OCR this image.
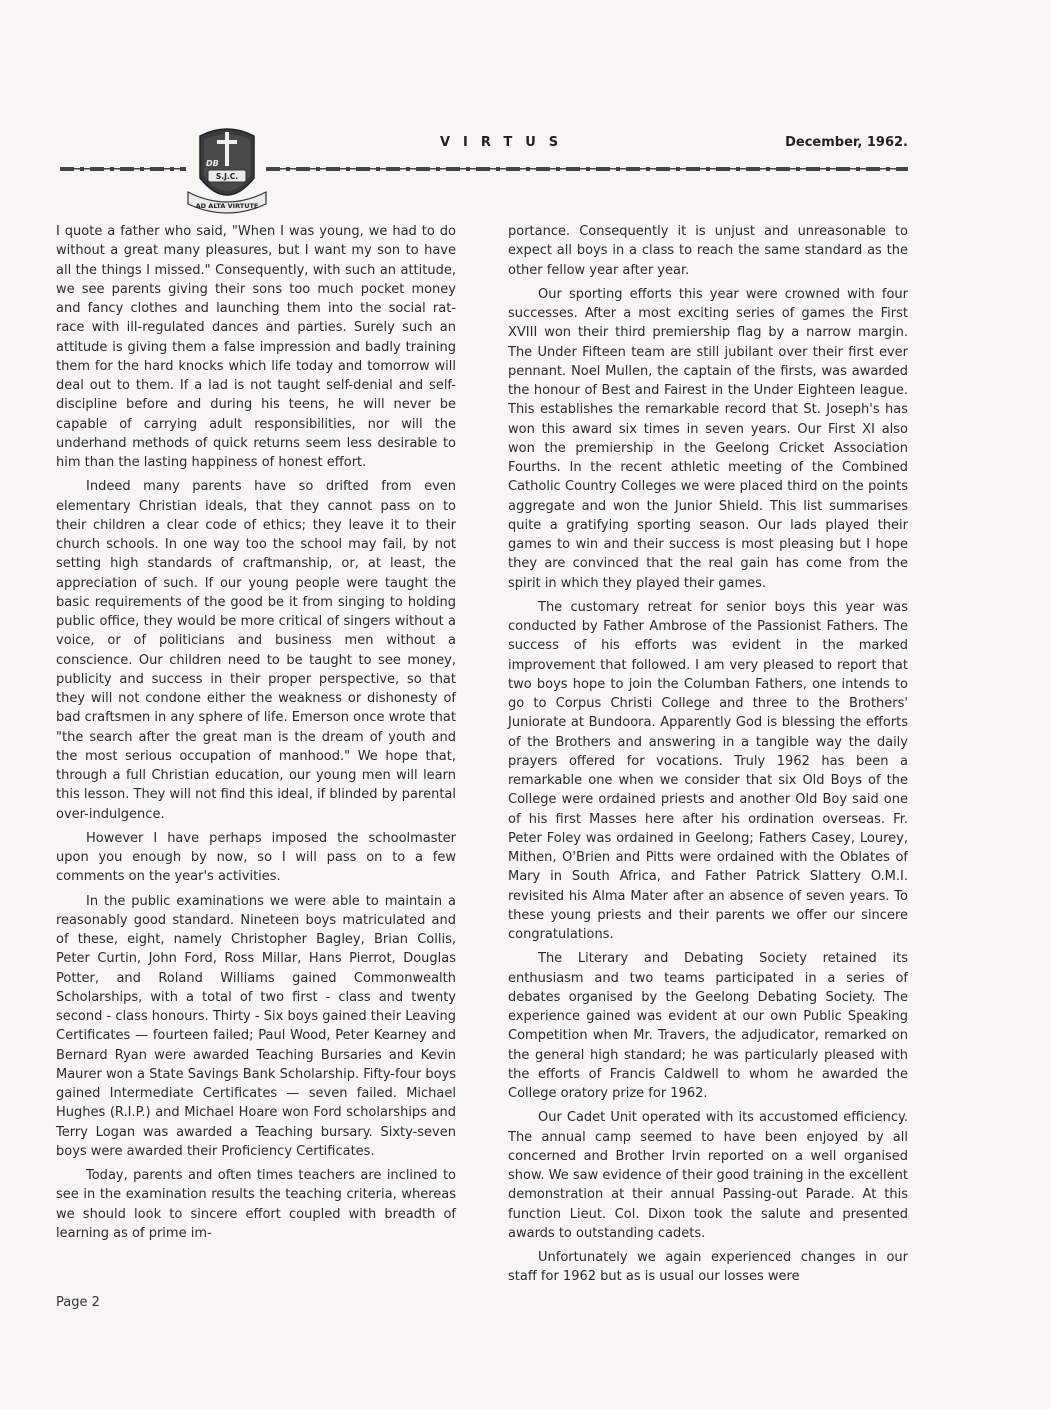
DB
S.J.C.
AD ALTA VIRTUTE
VIRTUS	December, 1962.

I quote a father who said, "When I was young, we had to do without a great many pleasures, but I want my son to have all the things I missed." Consequently, with such an attitude, we see parents giving their sons too much pocket money and fancy clothes and launching them into the social rat-race with ill-regulated dances and parties. Surely such an attitude is giving them a false impression and badly training them for the hard knocks which life today and tomorrow will deal out to them. If a lad is not taught self-denial and self-discipline before and during his teens, he will never be capable of carrying adult responsibilities, nor will the underhand methods of quick returns seem less desirable to him than the lasting happiness of honest effort.

Indeed many parents have so drifted from even elementary Christian ideals, that they cannot pass on to their children a clear code of ethics; they leave it to their church schools. In one way too the school may fail, by not setting high standards of craftmanship, or, at least, the appreciation of such. If our young people were taught the basic requirements of the good be it from singing to holding public office, they would be more critical of singers without a voice, or of politicians and business men without a conscience. Our children need to be taught to see money, publicity and success in their proper perspective, so that they will not condone either the weakness or dishonesty of bad craftsmen in any sphere of life. Emerson once wrote that "the search after the great man is the dream of youth and the most serious occupation of manhood." We hope that, through a full Christian education, our young men will learn this lesson. They will not find this ideal, if blinded by parental over-indulgence.

However I have perhaps imposed the schoolmaster upon you enough by now, so I will pass on to a few comments on the year's activities.

In the public examinations we were able to maintain a reasonably good standard. Nineteen boys matriculated and of these, eight, namely Christopher Bagley, Brian Collis, Peter Curtin, John Ford, Ross Millar, Hans Pierrot, Douglas Potter, and Roland Williams gained Commonwealth Scholarships, with a total of two first - class and twenty second - class honours. Thirty - Six boys gained their Leaving Certificates — fourteen failed; Paul Wood, Peter Kearney and Bernard Ryan were awarded Teaching Bursaries and Kevin Maurer won a State Savings Bank Scholarship. Fifty-four boys gained Intermediate Certificates — seven failed. Michael Hughes (R.I.P.) and Michael Hoare won Ford scholarships and Terry Logan was awarded a Teaching bursary. Sixty-seven boys were awarded their Proficiency Certificates.

Today, parents and often times teachers are inclined to see in the examination results the teaching criteria, whereas we should look to sincere effort coupled with breadth of learning as of prime im-

portance. Consequently it is unjust and unreasonable to expect all boys in a class to reach the same standard as the other fellow year after year.

Our sporting efforts this year were crowned with four successes. After a most exciting series of games the First XVIII won their third premiership flag by a narrow margin. The Under Fifteen team are still jubilant over their first ever pennant. Noel Mullen, the captain of the firsts, was awarded the honour of Best and Fairest in the Under Eighteen league. This establishes the remarkable record that St. Joseph's has won this award six times in seven years. Our First XI also won the premiership in the Geelong Cricket Association Fourths. In the recent athletic meeting of the Combined Catholic Country Colleges we were placed third on the points aggregate and won the Junior Shield. This list summarises quite a gratifying sporting season. Our lads played their games to win and their success is most pleasing but I hope they are convinced that the real gain has come from the spirit in which they played their games.

The customary retreat for senior boys this year was conducted by Father Ambrose of the Passionist Fathers. The success of his efforts was evident in the marked improvement that followed. I am very pleased to report that two boys hope to join the Columban Fathers, one intends to go to Corpus Christi College and three to the Brothers' Juniorate at Bundoora. Apparently God is blessing the efforts of the Brothers and answering in a tangible way the daily prayers offered for vocations. Truly 1962 has been a remarkable one when we consider that six Old Boys of the College were ordained priests and another Old Boy said one of his first Masses here after his ordination overseas. Fr. Peter Foley was ordained in Geelong; Fathers Casey, Lourey, Mithen, O'Brien and Pitts were ordained with the Oblates of Mary in South Africa, and Father Patrick Slattery O.M.I. revisited his Alma Mater after an absence of seven years. To these young priests and their parents we offer our sincere congratulations.

The Literary and Debating Society retained its enthusiasm and two teams participated in a series of debates organised by the Geelong Debating Society. The experience gained was evident at our own Public Speaking Competition when Mr. Travers, the adjudicator, remarked on the general high standard; he was particularly pleased with the efforts of Francis Caldwell to whom he awarded the College oratory prize for 1962.

Our Cadet Unit operated with its accustomed efficiency. The annual camp seemed to have been enjoyed by all concerned and Brother Irvin reported on a well organised show. We saw evidence of their good training in the excellent demonstration at their annual Passing-out Parade. At this function Lieut. Col. Dixon took the salute and presented awards to outstanding cadets.

Unfortunately we again experienced changes in our staff for 1962 but as is usual our losses were

Page 2
